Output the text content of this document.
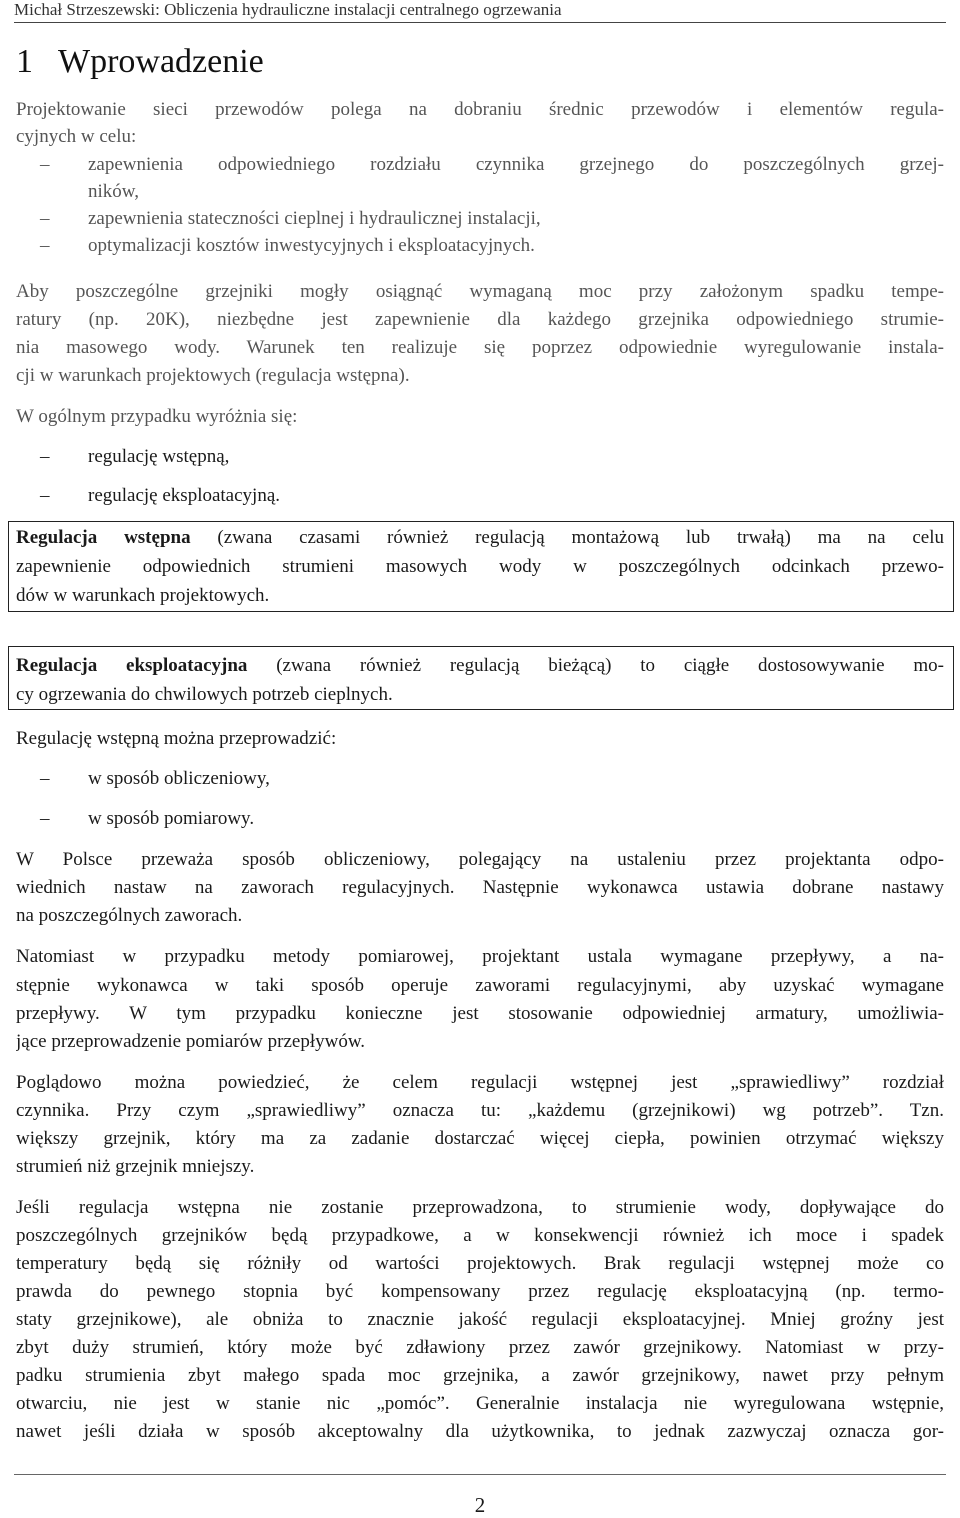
Michał Strzeszewski: Obliczenia hydrauliczne instalacji centralnego ogrzewania
1 Wprowadzenie
Projektowanie sieci przewodów polega na dobraniu średnic przewodów i elementów regula-
cyjnych w celu:
–	zapewnienia odpowiedniego rozdziału czynnika grzejnego do poszczególnych grzej-
ników,
–	zapewnienia stateczności cieplnej i hydraulicznej instalacji,
–	optymalizacji kosztów inwestycyjnych i eksploatacyjnych.
Aby poszczególne grzejniki mogły osiągnąć wymaganą moc przy założonym spadku tempe-
ratury (np. 20K), niezbędne jest zapewnienie dla każdego grzejnika odpowiedniego strumie-
nia masowego wody. Warunek ten realizuje się poprzez odpowiednie wyregulowanie instala-
cji w warunkach projektowych (regulacja wstępna).
W ogólnym przypadku wyróżnia się:
–	regulację wstępną,
–	regulację eksploatacyjną.
Regulacja wstępna (zwana czasami również regulacją montażową lub trwałą) ma na celu
zapewnienie odpowiednich strumieni masowych wody w poszczególnych odcinkach przewo-
dów w warunkach projektowych.
Regulacja eksploatacyjna (zwana również regulacją bieżącą) to ciągłe dostosowywanie mo-
cy ogrzewania do chwilowych potrzeb cieplnych.
Regulację wstępną można przeprowadzić:
–	w sposób obliczeniowy,
–	w sposób pomiarowy.
W Polsce przeważa sposób obliczeniowy, polegający na ustaleniu przez projektanta odpo-
wiednich nastaw na zaworach regulacyjnych. Następnie wykonawca ustawia dobrane nastawy
na poszczególnych zaworach.
Natomiast w przypadku metody pomiarowej, projektant ustala wymagane przepływy, a na-
stępnie wykonawca w taki sposób operuje zaworami regulacyjnymi, aby uzyskać wymagane
przepływy. W tym przypadku konieczne jest stosowanie odpowiedniej armatury, umożliwia-
jące przeprowadzenie pomiarów przepływów.
Poglądowo można powiedzieć, że celem regulacji wstępnej jest „sprawiedliwy” rozdział
czynnika. Przy czym „sprawiedliwy” oznacza tu: „każdemu (grzejnikowi) wg potrzeb”. Tzn.
większy grzejnik, który ma za zadanie dostarczać więcej ciepła, powinien otrzymać większy
strumień niż grzejnik mniejszy.
Jeśli regulacja wstępna nie zostanie przeprowadzona, to strumienie wody, dopływające do
poszczególnych grzejników będą przypadkowe, a w konsekwencji również ich moce i spadek
temperatury będą się różniły od wartości projektowych. Brak regulacji wstępnej może co
prawda do pewnego stopnia być kompensowany przez regulację eksploatacyjną (np. termo-
staty grzejnikowe), ale obniża to znacznie jakość regulacji eksploatacyjnej. Mniej groźny jest
zbyt duży strumień, który może być zdławiony przez zawór grzejnikowy. Natomiast w przy-
padku strumienia zbyt małego spada moc grzejnika, a zawór grzejnikowy, nawet przy pełnym
otwarciu, nie jest w stanie nic „pomóc”. Generalnie instalacja nie wyregulowana wstępnie,
nawet jeśli działa w sposób akceptowalny dla użytkownika, to jednak zazwyczaj oznacza gor-
2
